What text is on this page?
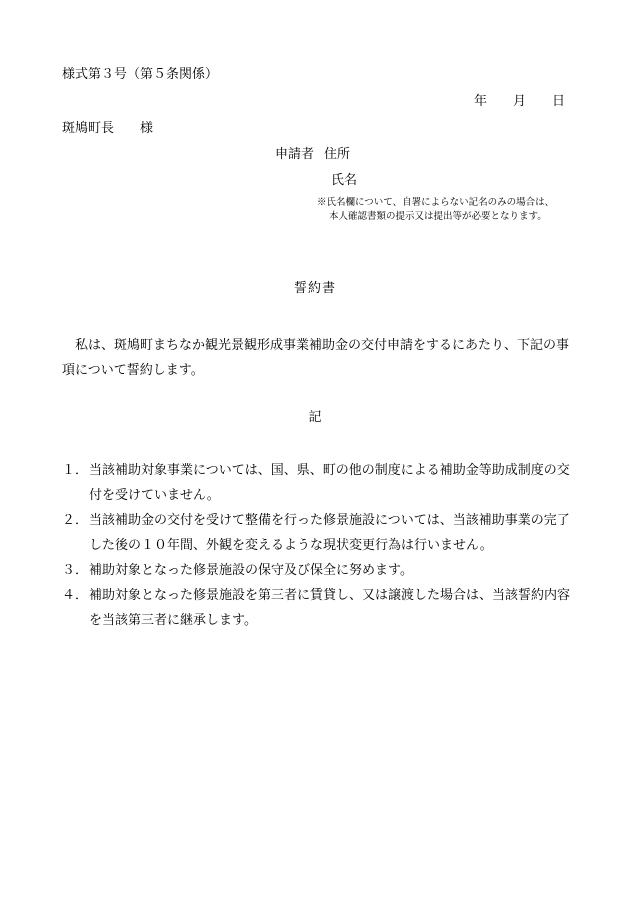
様式第３号（第５条関係）
年 月 日
斑鳩町長 様
申請者 住所
氏名
※氏名欄について、自署によらない記名のみの場合は、
本人確認書類の提示又は提出等が必要となります。
誓約書
私は、斑鳩町まちなか観光景観形成事業補助金の交付申請をするにあたり、下記の事項について誓約します。
記
１． 当該補助対象事業については、国、県、町の他の制度による補助金等助成制度の交付を受けていません。
２． 当該補助金の交付を受けて整備を行った修景施設については、当該補助事業の完了した後の１０年間、外観を変えるような現状変更行為は行いません。
３． 補助対象となった修景施設の保守及び保全に努めます。
４． 補助対象となった修景施設を第三者に賃貸し、又は譲渡した場合は、当該誓約内容を当該第三者に継承します。
